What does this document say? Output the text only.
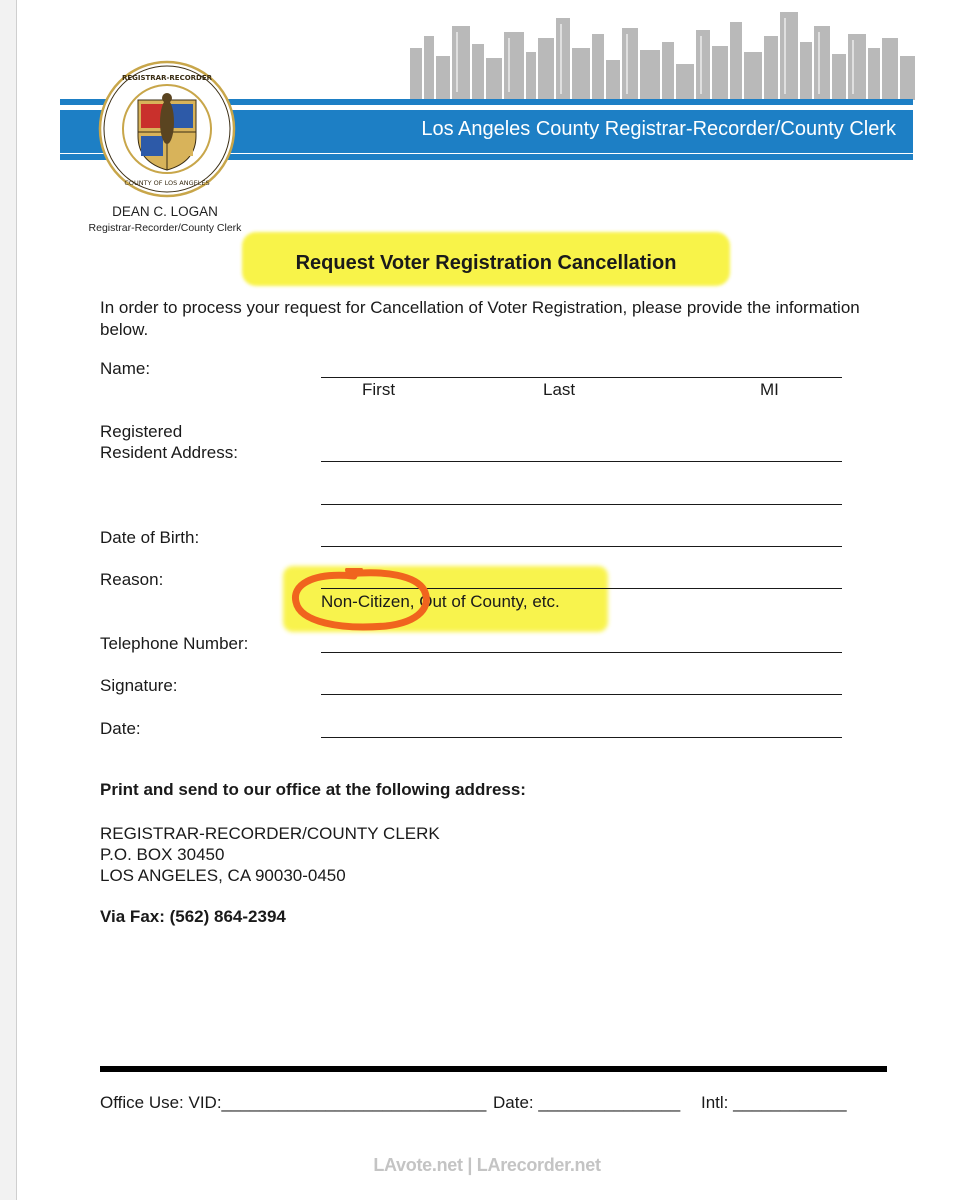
Los Angeles County Registrar-Recorder/County Clerk
REGISTRAR-RECORDER
COUNTY OF LOS ANGELES
DEAN C. LOGAN
Registrar-Recorder/County Clerk
Request Voter Registration Cancellation
In order to process your request for Cancellation of Voter Registration, please provide the information below.
Name:
First	Last	MI
Registered
Resident Address:
Date of Birth:
Reason:
Non-Citizen, Out of County, etc.
Telephone Number:
Signature:
Date:
Print and send to our office at the following address:
REGISTRAR-RECORDER/COUNTY CLERK
P.O. BOX 30450
LOS ANGELES, CA 90030-0450
Via Fax: (562) 864-2394
Office Use: VID:____________________________ Date: _______________ Intl: ____________
LAvote.net | LArecorder.net
